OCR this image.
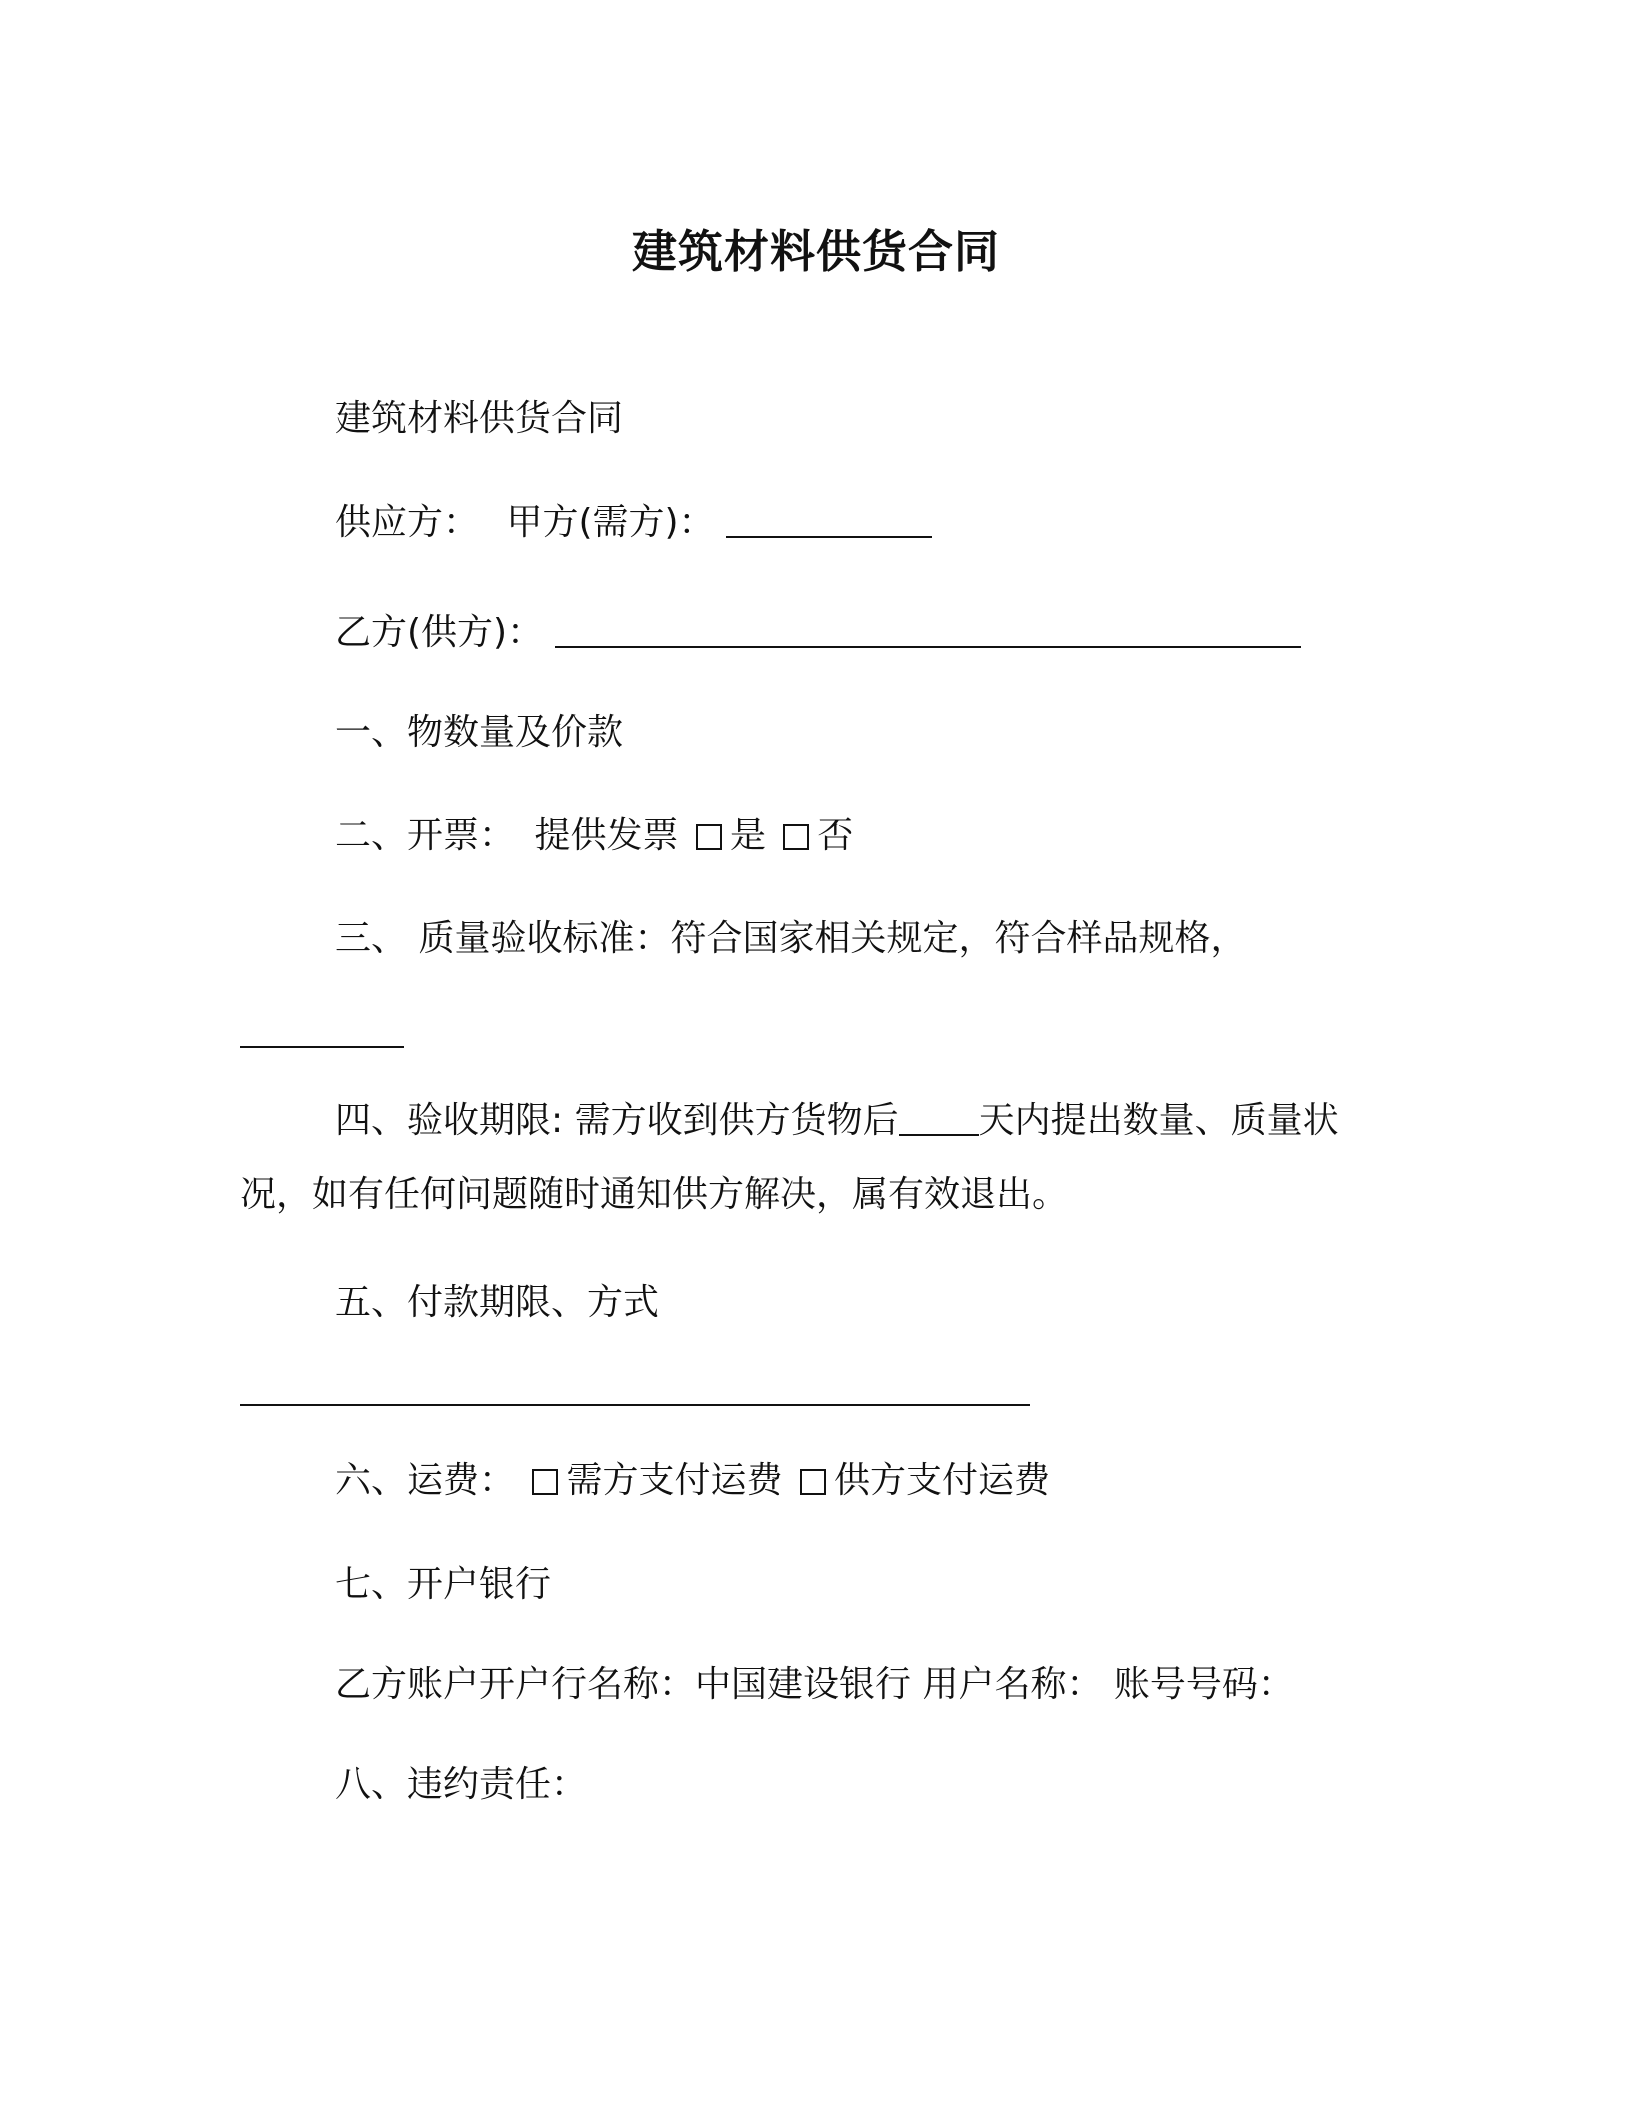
建筑材料供货合同
建筑材料供货合同
供应方： 甲方(需方)：
乙方(供方)：
一、物数量及价款
二、开票： 提供发票 是 否
三、 质量验收标准：符合国家相关规定，符合样品规格，
四、验收期限: 需方收到供方货物后 天内提出数量、质量状
况，如有任何问题随时通知供方解决，属有效退出。
五、付款期限、方式
六、运费： 需方支付运费 供方支付运费
七、开户银行
乙方账户开户行名称：中国建设银行 用户名称： 账号号码：
八、违约责任：
